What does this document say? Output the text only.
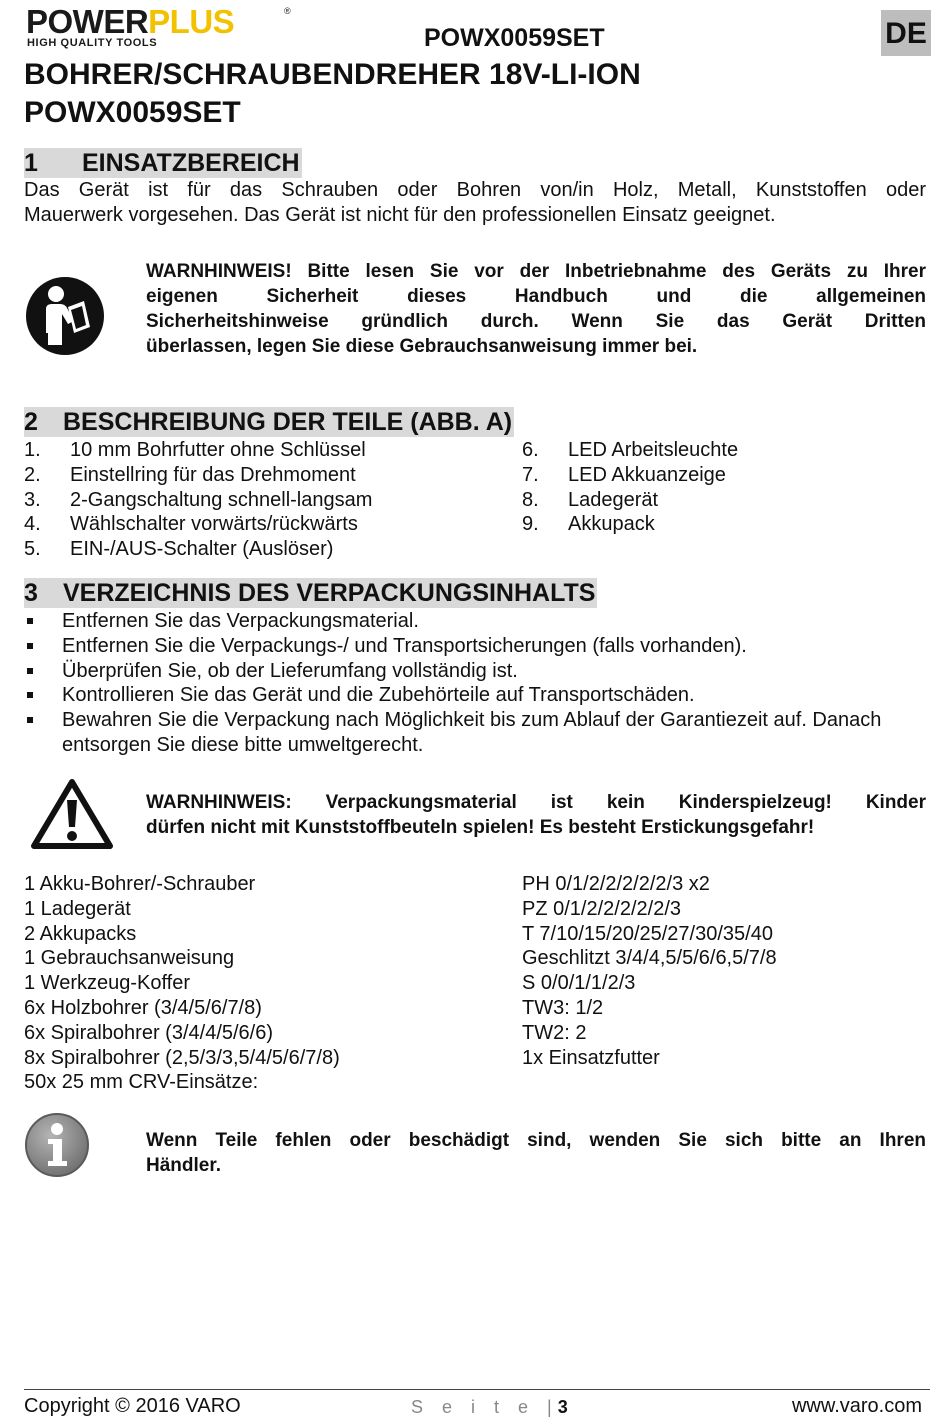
POWERPLUS	®
HIGH QUALITY TOOLS	POWX0059SET	DE
BOHRER/SCHRAUBENDREHER 18V-LI-ION
POWX0059SET
1 EINSATZBEREICH
Das Gerät ist für das Schrauben oder Bohren von/in Holz, Metall, Kunststoffen oder
Mauerwerk vorgesehen. Das Gerät ist nicht für den professionellen Einsatz geeignet.
WARNHINWEIS! Bitte lesen Sie vor der Inbetriebnahme des Geräts zu Ihrer
eigenen Sicherheit dieses Handbuch und die allgemeinen
Sicherheitshinweise gründlich durch. Wenn Sie das Gerät Dritten
überlassen, legen Sie diese Gebrauchsanweisung immer bei.
2 BESCHREIBUNG DER TEILE (ABB. A)
1. 10 mm Bohrfutter ohne Schlüssel
2. Einstellring für das Drehmoment
3. 2-Gangschaltung schnell-langsam
4. Wählschalter vorwärts/rückwärts
5. EIN-/AUS-Schalter (Auslöser)
6. LED Arbeitsleuchte
7. LED Akkuanzeige
8. Ladegerät
9. Akkupack
3 VERZEICHNIS DES VERPACKUNGSINHALTS
Entfernen Sie das Verpackungsmaterial.
Entfernen Sie die Verpackungs-/ und Transportsicherungen (falls vorhanden).
Überprüfen Sie, ob der Lieferumfang vollständig ist.
Kontrollieren Sie das Gerät und die Zubehörteile auf Transportschäden.
Bewahren Sie die Verpackung nach Möglichkeit bis zum Ablauf der Garantiezeit auf. Danach entsorgen Sie diese bitte umweltgerecht.
WARNHINWEIS: Verpackungsmaterial ist kein Kinderspielzeug! Kinder
dürfen nicht mit Kunststoffbeuteln spielen! Es besteht Erstickungsgefahr!
1 Akku-Bohrer/-Schrauber
1 Ladegerät
2 Akkupacks
1 Gebrauchsanweisung
1 Werkzeug-Koffer
6x Holzbohrer (3/4/5/6/7/8)
6x Spiralbohrer (3/4/4/5/6/6)
8x Spiralbohrer (2,5/3/3,5/4/5/6/7/8)
50x 25 mm CRV-Einsätze:
PH 0/1/2/2/2/2/2/3 x2
PZ 0/1/2/2/2/2/2/3
T 7/10/15/20/25/27/30/35/40
Geschlitzt 3/4/4,5/5/6/6,5/7/8
S 0/0/1/1/2/3
TW3: 1/2
TW2: 2
1x Einsatzfutter
Wenn Teile fehlen oder beschädigt sind, wenden Sie sich bitte an Ihren
Händler.
Copyright © 2016 VARO	S e i t e | 3	www.varo.com
